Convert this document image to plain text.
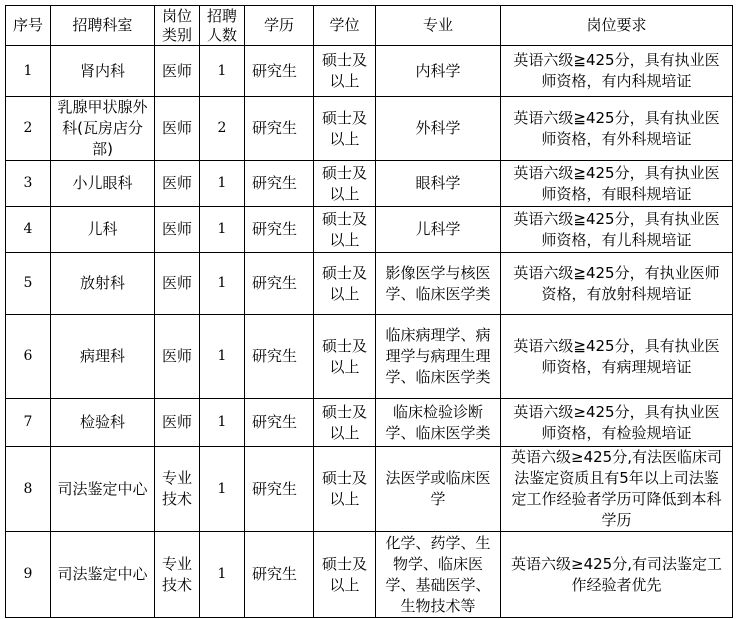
序号	招聘科室	岗位类别	招聘人数	学历	学位	专业	岗位要求
1	肾内科	医师	1	研究生	硕士及以上	内科学	英语六级≧425分，具有执业医师资格，有内科规培证
2	乳腺甲状腺外科(瓦房店分部)	医师	2	研究生	硕士及以上	外科学	英语六级≧425分，具有执业医师资格，有外科规培证
3	小儿眼科	医师	1	研究生	硕士及以上	眼科学	英语六级≧425分，具有执业医师资格，有眼科规培证
4	儿科	医师	1	研究生	硕士及以上	儿科学	英语六级≧425分，具有执业医师资格，有儿科规培证
5	放射科	医师	1	研究生	硕士及以上	影像医学与核医学、临床医学类	英语六级≧425分，有执业医师资格，有放射科规培证
6	病理科	医师	1	研究生	硕士及以上	临床病理学、病理学与病理生理学、临床医学类	英语六级≧425分，具有执业医师资格，有病理规培证
7	检验科	医师	1	研究生	硕士及以上	临床检验诊断学、临床医学类	英语六级≥425分，具有执业医师资格，有检验规培证
8	司法鉴定中心	专业技术	1	研究生	硕士及以上	法医学或临床医学	英语六级≥425分,有法医临床司法鉴定资质且有5年以上司法鉴定工作经验者学历可降低到本科学历
9	司法鉴定中心	专业技术	1	研究生	硕士及以上	化学、药学、生物学、临床医学、基础医学、生物技术等	英语六级≥425分,有司法鉴定工作经验者优先
